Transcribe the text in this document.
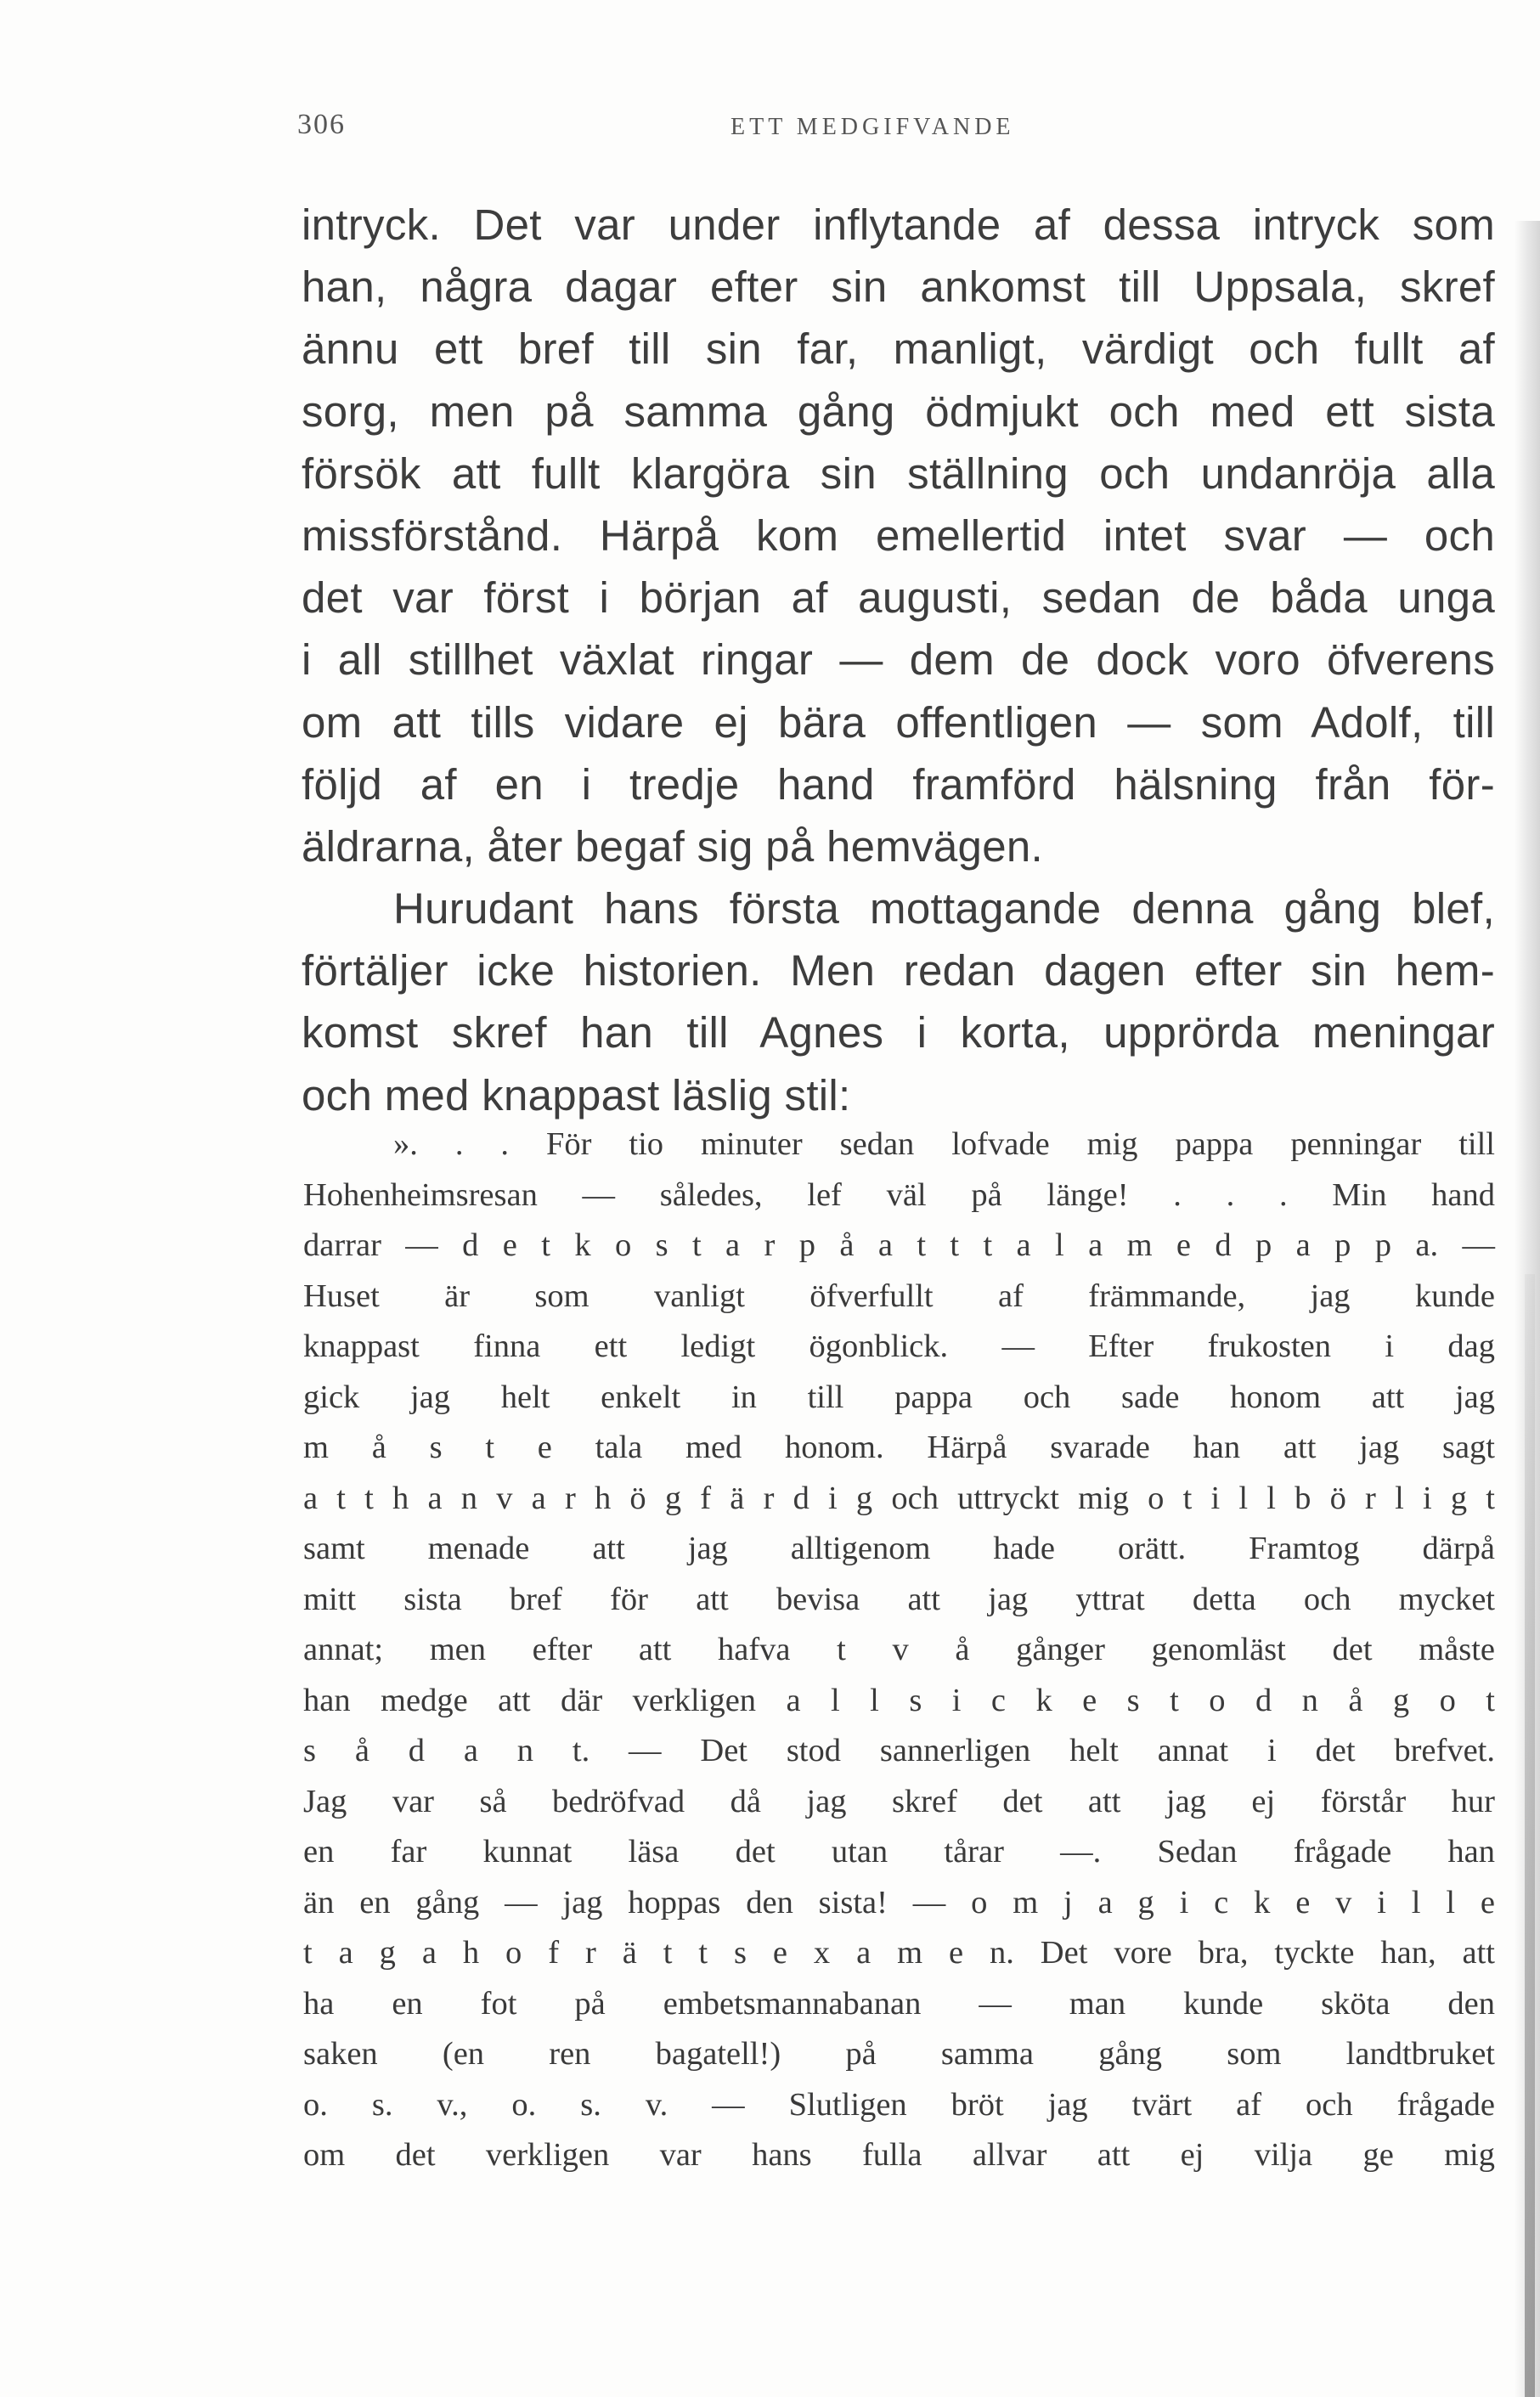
306	ETT MEDGIFVANDE
intryck. Det var under inflytande af dessa intryck som
han, några dagar efter sin ankomst till Uppsala, skref
ännu ett bref till sin far, manligt, värdigt och fullt af
sorg, men på samma gång ödmjukt och med ett sista
försök att fullt klargöra sin ställning och undanröja alla
missförstånd. Härpå kom emellertid intet svar — och
det var först i början af augusti, sedan de båda unga
i all stillhet växlat ringar — dem de dock voro öfverens
om att tills vidare ej bära offentligen — som Adolf, till
följd af en i tredje hand framförd hälsning från för-
äldrarna, åter begaf sig på hemvägen.
Hurudant hans första mottagande denna gång blef,
förtäljer icke historien. Men redan dagen efter sin hem-
komst skref han till Agnes i korta, upprörda meningar
och med knappast läslig stil:
». . . För tio minuter sedan lofvade mig pappa penningar till
Hohenheimsresan — således, lef väl på länge! . . . Min hand
darrar — d e t k o s t a r p å a t t t a l a m e d p a p p a. —
Huset är som vanligt öfverfullt af främmande, jag kunde
knappast finna ett ledigt ögonblick. — Efter frukosten i dag
gick jag helt enkelt in till pappa och sade honom att jag
m å s t e tala med honom. Härpå svarade han att jag sagt
a t t h a n v a r h ö g f ä r d i g och uttryckt mig o t i l l b ö r l i g t
samt menade att jag alltigenom hade orätt. Framtog därpå
mitt sista bref för att bevisa att jag yttrat detta och mycket
annat; men efter att hafva t v å gånger genomläst det måste
han medge att där verkligen a l l s i c k e s t o d n å g o t
s å d a n t. — Det stod sannerligen helt annat i det brefvet.
Jag var så bedröfvad då jag skref det att jag ej förstår hur
en far kunnat läsa det utan tårar —. Sedan frågade han
än en gång — jag hoppas den sista! — o m j a g i c k e v i l l e
t a g a h o f r ä t t s e x a m e n. Det vore bra, tyckte han, att
ha en fot på embetsmannabanan — man kunde sköta den
saken (en ren bagatell!) på samma gång som landtbruket
o. s. v., o. s. v. — Slutligen bröt jag tvärt af och frågade
om det verkligen var hans fulla allvar att ej vilja ge mig
